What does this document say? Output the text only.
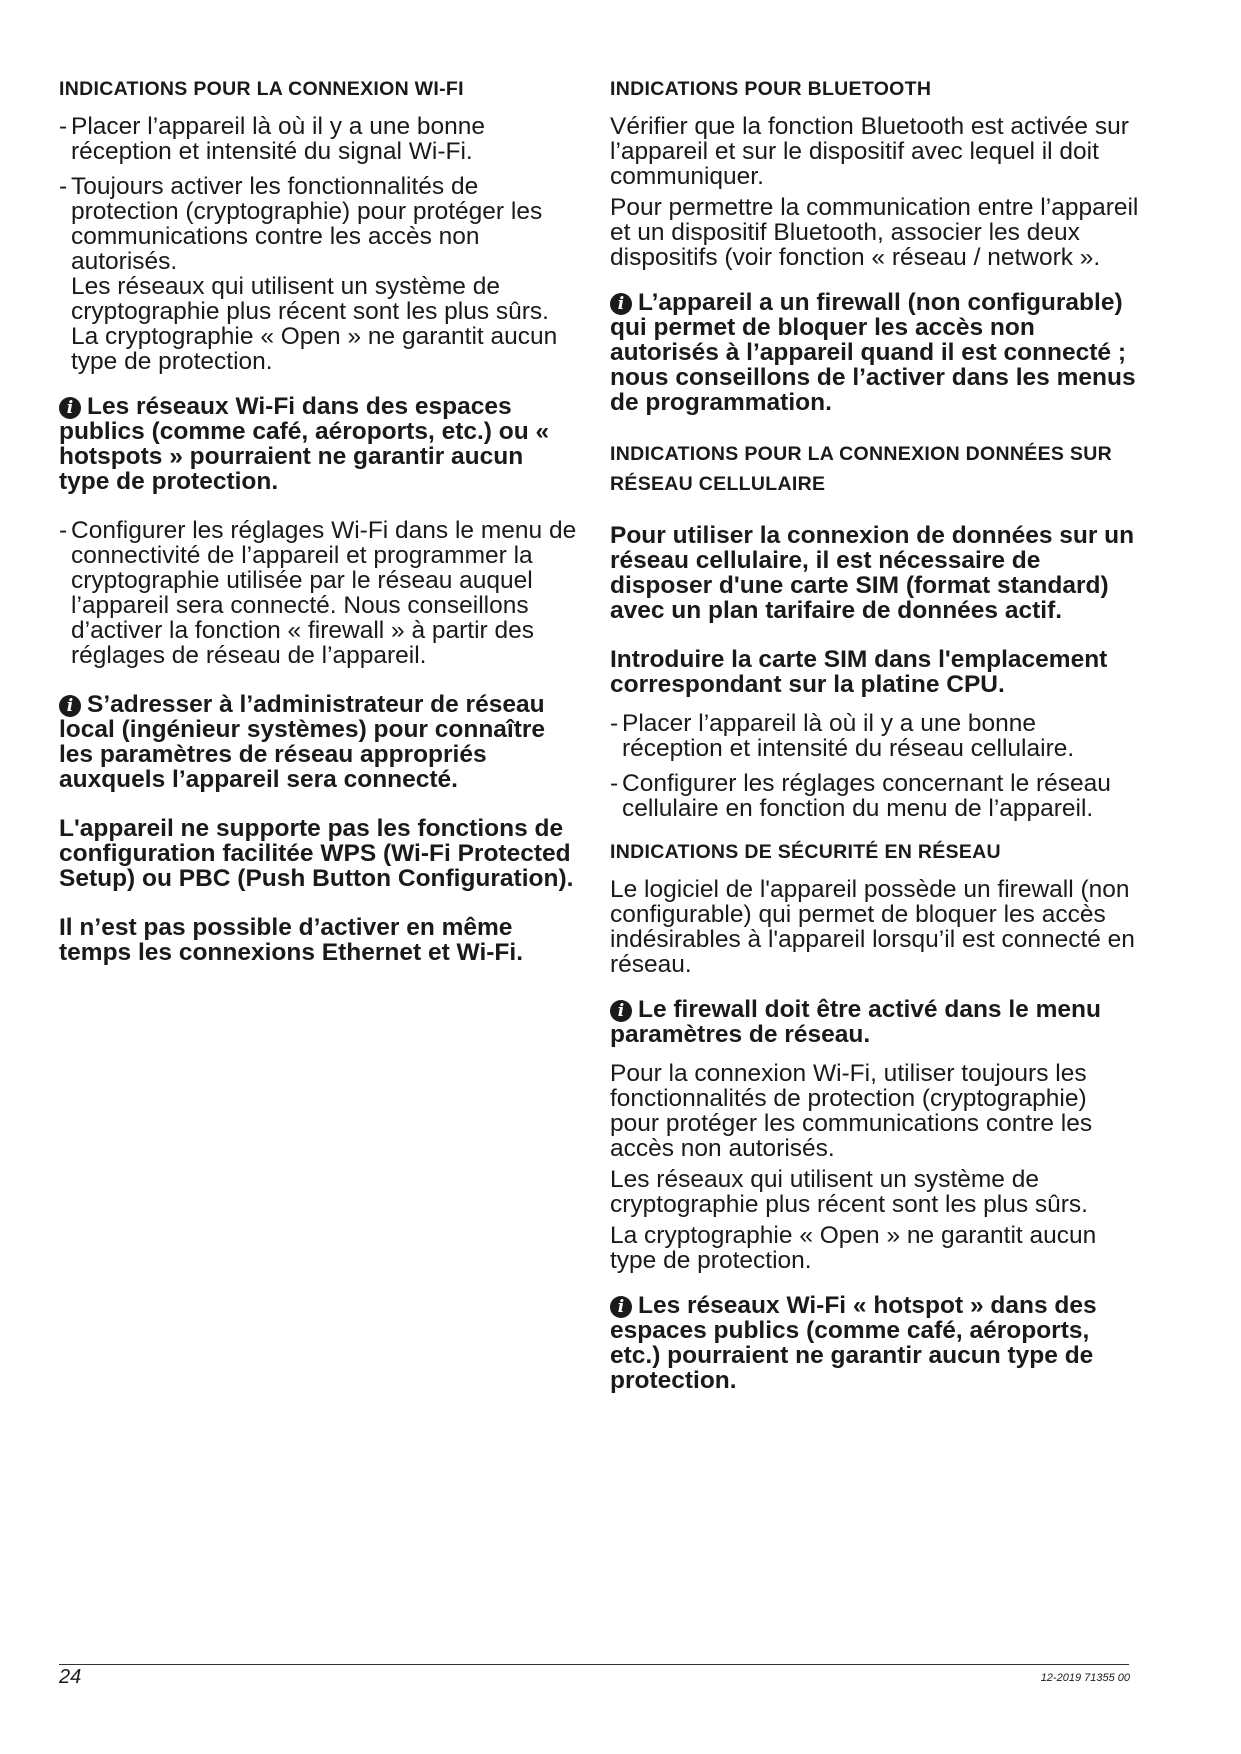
INDICATIONS POUR LA CONNEXION WI-FI
- Placer l’appareil là où il y a une bonne réception et intensité du signal Wi-Fi.

- Toujours activer les fonctionnalités de protection (cryptographie) pour protéger les communications contre les accès non autorisés.

Les réseaux qui utilisent un système de cryptographie plus récent sont les plus sûrs.

La cryptographie « Open » ne garantit aucun type de protection.

i Les réseaux Wi-Fi dans des espaces publics (comme café, aéroports, etc.) ou « hotspots » pourraient ne garantir aucun type de protection.

- Configurer les réglages Wi-Fi dans le menu de connectivité de l’appareil et programmer la cryptographie utilisée par le réseau auquel l’appareil sera connecté. Nous conseillons d’activer la fonction « firewall » à partir des réglages de réseau de l’appareil.

i S’adresser à l’administrateur de réseau local (ingénieur systèmes) pour connaître les paramètres de réseau appropriés auxquels l’appareil sera connecté.

L'appareil ne supporte pas les fonctions de configuration facilitée WPS (Wi-Fi Protected Setup) ou PBC (Push Button Configuration).

Il n’est pas possible d’activer en même temps les connexions Ethernet et Wi-Fi.

INDICATIONS POUR BLUETOOTH

Vérifier que la fonction Bluetooth est activée sur l’appareil et sur le dispositif avec lequel il doit communiquer.

Pour permettre la communication entre l’appareil et un dispositif Bluetooth, associer les deux dispositifs (voir fonction « réseau / network ».

i L’appareil a un firewall (non configurable) qui permet de bloquer les accès non autorisés à l’appareil quand il est connecté ; nous conseillons de l’activer dans les menus de programmation.

INDICATIONS POUR LA CONNEXION DONNÉES SUR RÉSEAU CELLULAIRE

Pour utiliser la connexion de données sur un réseau cellulaire, il est nécessaire de disposer d'une carte SIM (format standard) avec un plan tarifaire de données actif.

Introduire la carte SIM dans l'emplacement correspondant sur la platine CPU.

- Placer l’appareil là où il y a une bonne réception et intensité du réseau cellulaire.

- Configurer les réglages concernant le réseau cellulaire en fonction du menu de l’appareil.

INDICATIONS DE SÉCURITÉ EN RÉSEAU

Le logiciel de l'appareil possède un firewall (non configurable) qui permet de bloquer les accès indésirables à l'appareil lorsqu’il est connecté en réseau.

i Le firewall doit être activé dans le menu paramètres de réseau.

Pour la connexion Wi-Fi, utiliser toujours les fonctionnalités de protection (cryptographie) pour protéger les communications contre les accès non autorisés.

Les réseaux qui utilisent un système de cryptographie plus récent sont les plus sûrs.

La cryptographie « Open » ne garantit aucun type de protection.

i Les réseaux Wi-Fi « hotspot » dans des espaces publics (comme café, aéroports, etc.) pourraient ne garantir aucun type de protection.

24	12-2019 71355 00
